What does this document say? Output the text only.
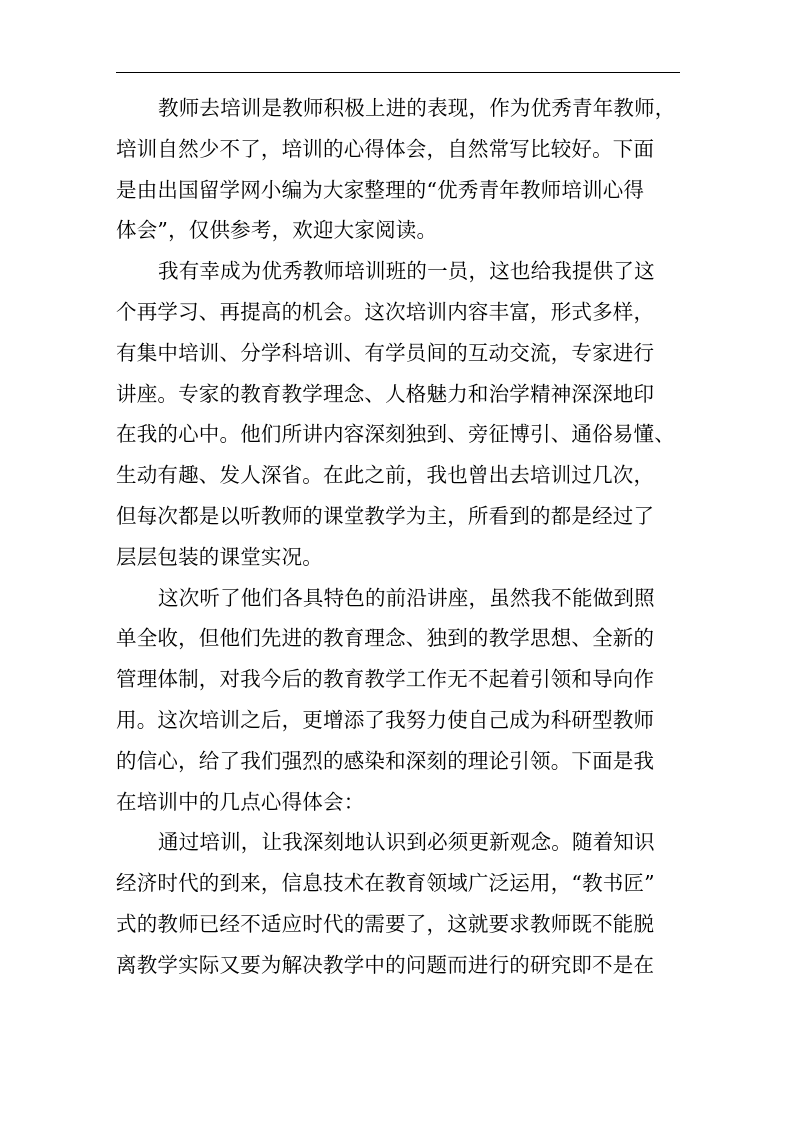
教师去培训是教师积极上进的表现，作为优秀青年教师，
培训自然少不了，培训的心得体会，自然常写比较好。下面
是由出国留学网小编为大家整理的“优秀青年教师培训心得
体会”，仅供参考，欢迎大家阅读。
我有幸成为优秀教师培训班的一员，这也给我提供了这
个再学习、再提高的机会。这次培训内容丰富，形式多样，
有集中培训、分学科培训、有学员间的互动交流，专家进行
讲座。专家的教育教学理念、人格魅力和治学精神深深地印
在我的心中。他们所讲内容深刻独到、旁征博引、通俗易懂、
生动有趣、发人深省。在此之前，我也曾出去培训过几次，
但每次都是以听教师的课堂教学为主，所看到的都是经过了
层层包装的课堂实况。
这次听了他们各具特色的前沿讲座，虽然我不能做到照
单全收，但他们先进的教育理念、独到的教学思想、全新的
管理体制，对我今后的教育教学工作无不起着引领和导向作
用。这次培训之后，更增添了我努力使自己成为科研型教师
的信心，给了我们强烈的感染和深刻的理论引领。下面是我
在培训中的几点心得体会：
通过培训，让我深刻地认识到必须更新观念。随着知识
经济时代的到来，信息技术在教育领域广泛运用，“教书匠”
式的教师已经不适应时代的需要了，这就要求教师既不能脱
离教学实际又要为解决教学中的问题而进行的研究即不是在
